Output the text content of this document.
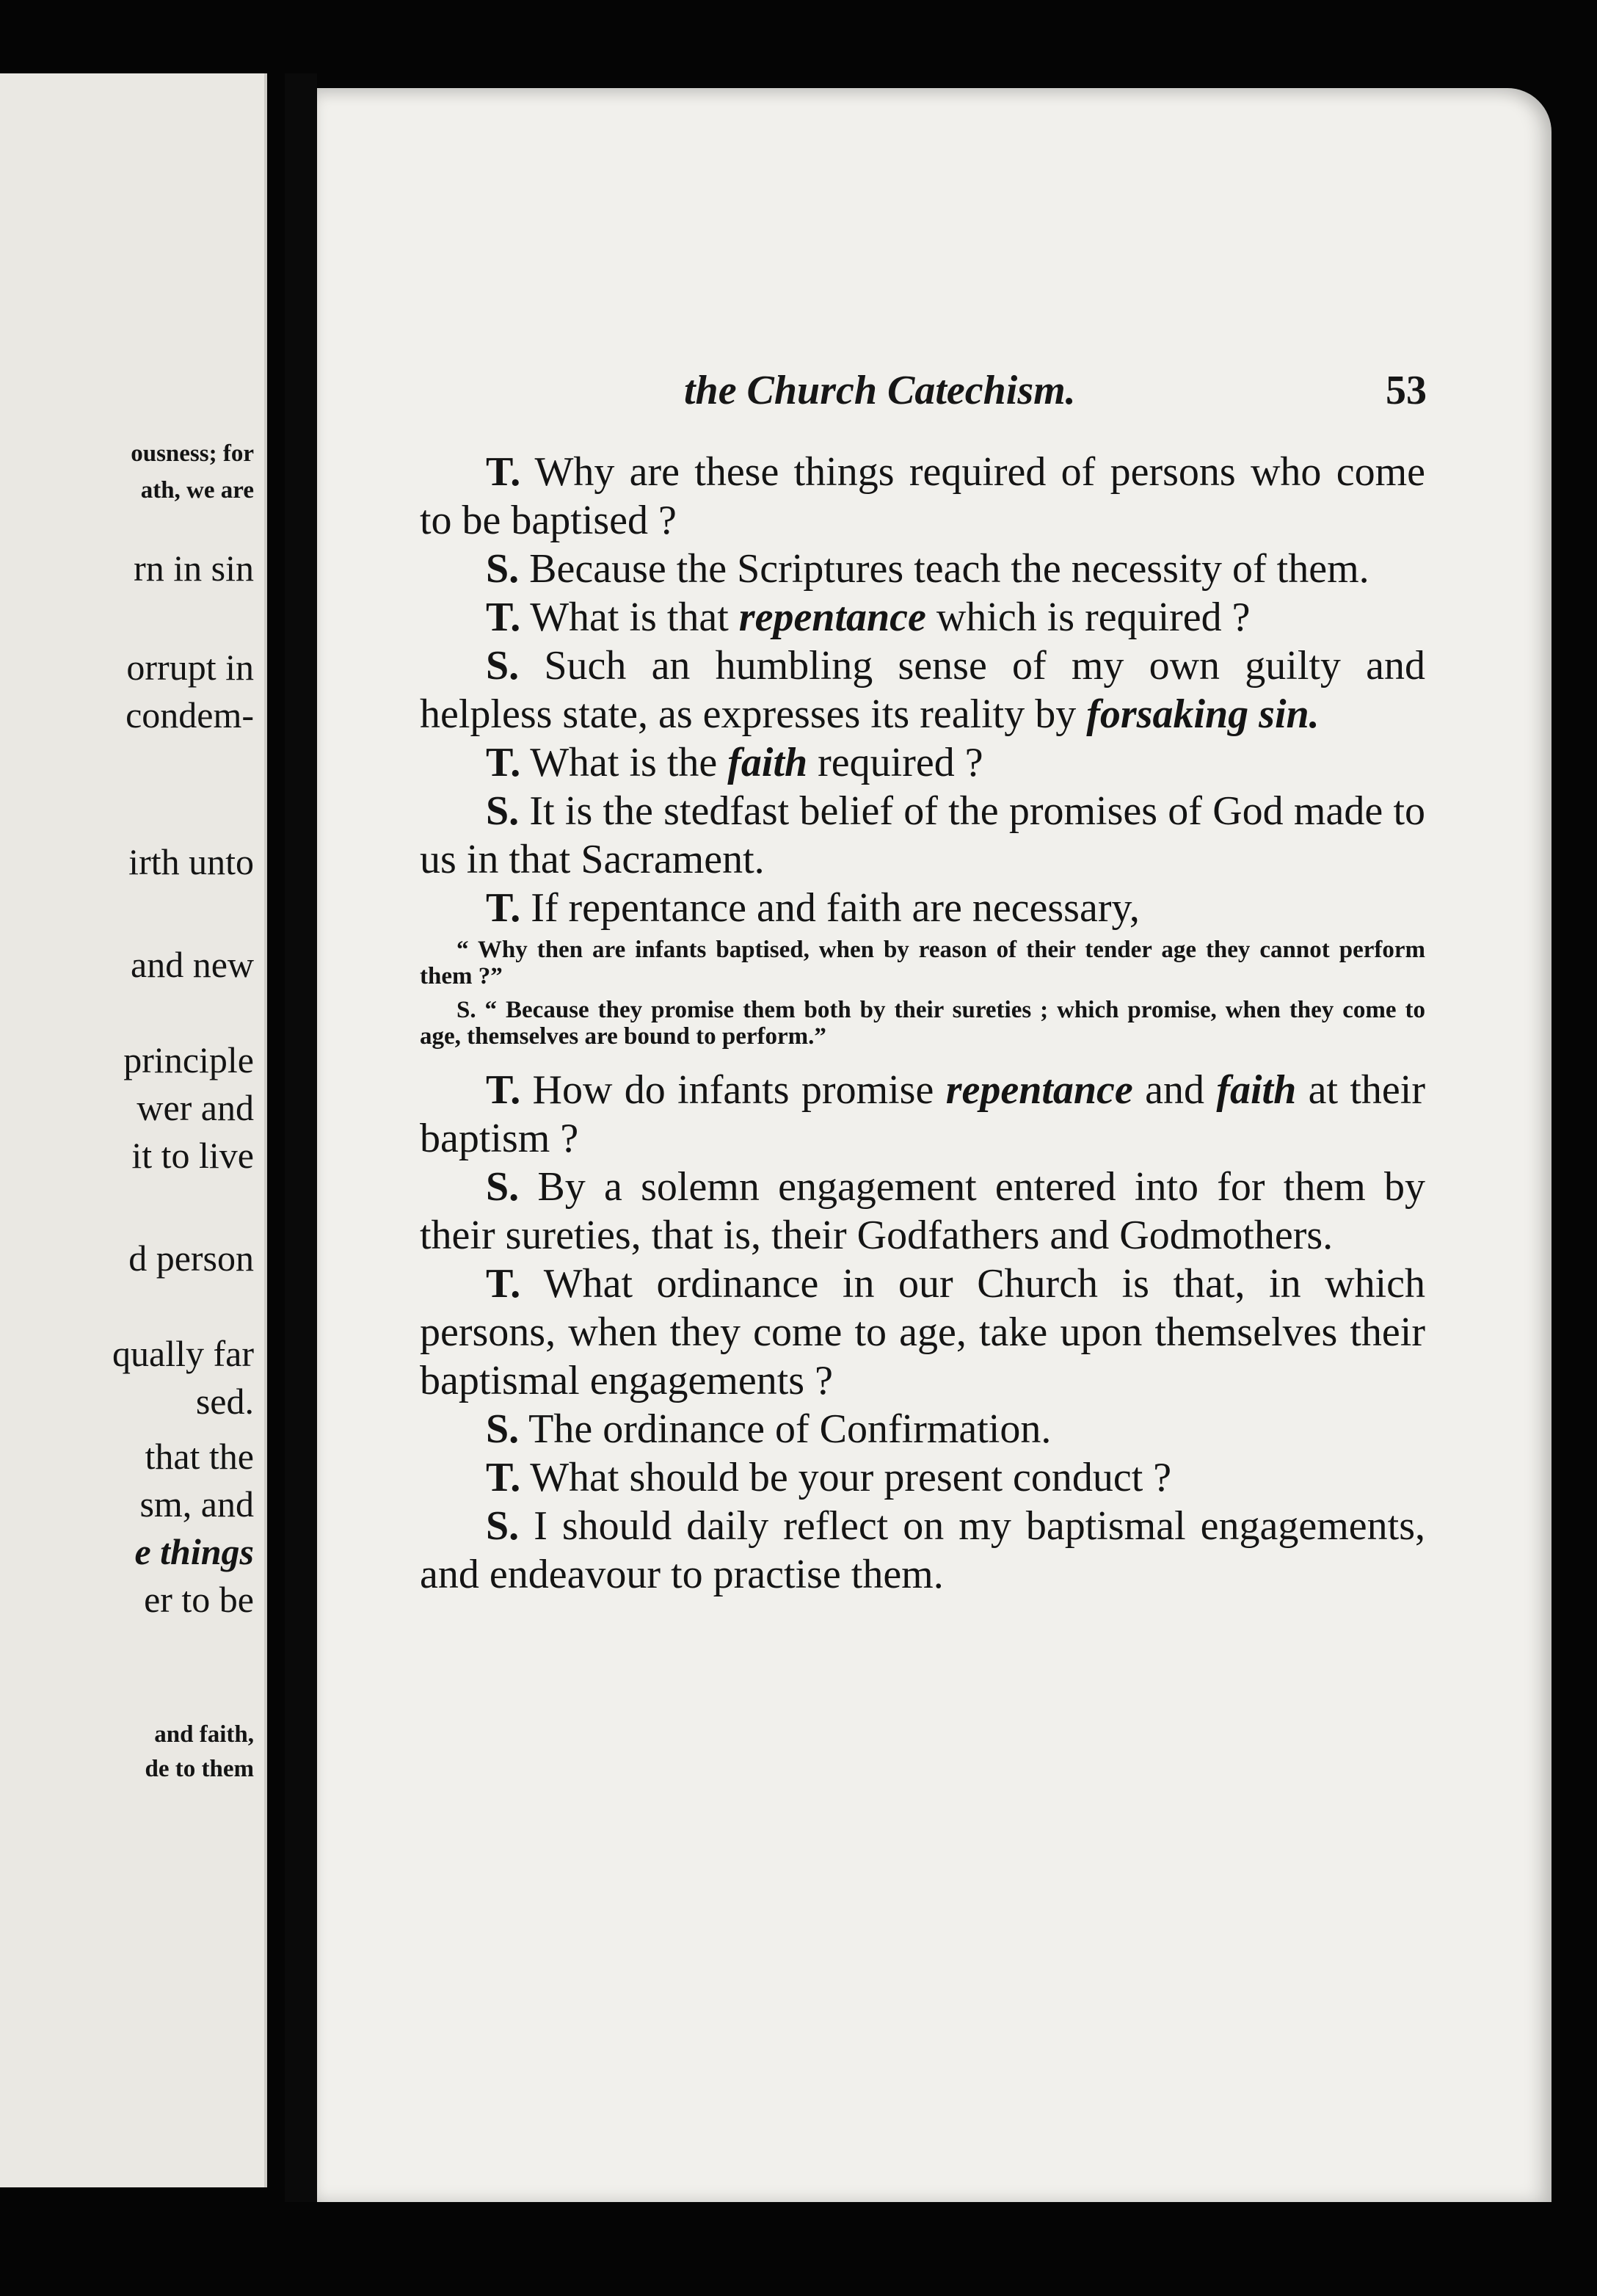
ousness; for

ath, we are

rn in sin

orrupt in

condem-

irth unto

and new

principle

wer and

it to live

d person

qually far

sed.

that the

sm, and

e things

er to be

and faith,

de to them

the Church Catechism.	53

T. Why are these things required of persons who come to be baptised ?

S. Because the Scriptures teach the necessity of them.

T. What is that repentance which is required ?

S. Such an humbling sense of my own guilty and helpless state, as expresses its reality by forsaking sin.

T. What is the faith required ?

S. It is the stedfast belief of the promises of God made to us in that Sacrament.

T. If repentance and faith are necessary,

“ Why then are infants baptised, when by reason of their tender age they cannot perform them ?”

S. “ Because they promise them both by their sureties ; which promise, when they come to age, themselves are bound to perform.”

T. How do infants promise repentance and faith at their baptism ?

S. By a solemn engagement entered into for them by their sureties, that is, their Godfathers and Godmothers.

T. What ordinance in our Church is that, in which persons, when they come to age, take upon themselves their baptismal engagements ?

S. The ordinance of Confirmation.

T. What should be your present conduct ?

S. I should daily reflect on my baptismal engagements, and endeavour to practise them.
